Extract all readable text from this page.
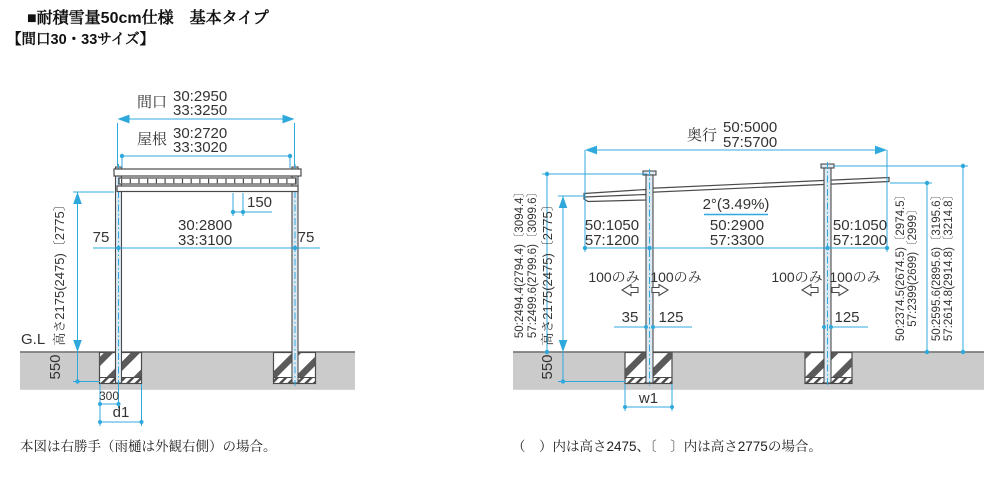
■耐積雪量50cm仕様　基本タイプ
【間口30・33サイズ】
本図は右勝手（雨樋は外観右側）の場合。	（　）内は高さ2475、〔　〕内は高さ2775の場合。
間口 30:2950
33:3250
屋根 30:2720
33:3020
150
75	75
30:2800
33:3100
高さ2175(2475)〔2775〕
G.L
550
300
d1
奥行 50:5000
57:5700
2°(3.49%)
50:1050
57:1200
50:2900
57:3300
50:1050
57:1200
100のみ 100のみ	100のみ 100のみ
35 125	125
50:2494.4(2794.4)〔3094.4〕 57:2499.6(2799.6)〔3099.6〕 高さ2175(2475)〔2775〕
550
50:2374.5(2674.5)〔2974.5〕 57:2399(2699)〔2999〕 50:2595.6(2895.6)〔3195.6〕 57:2614.8(2914.8)〔3214.8〕
w1
